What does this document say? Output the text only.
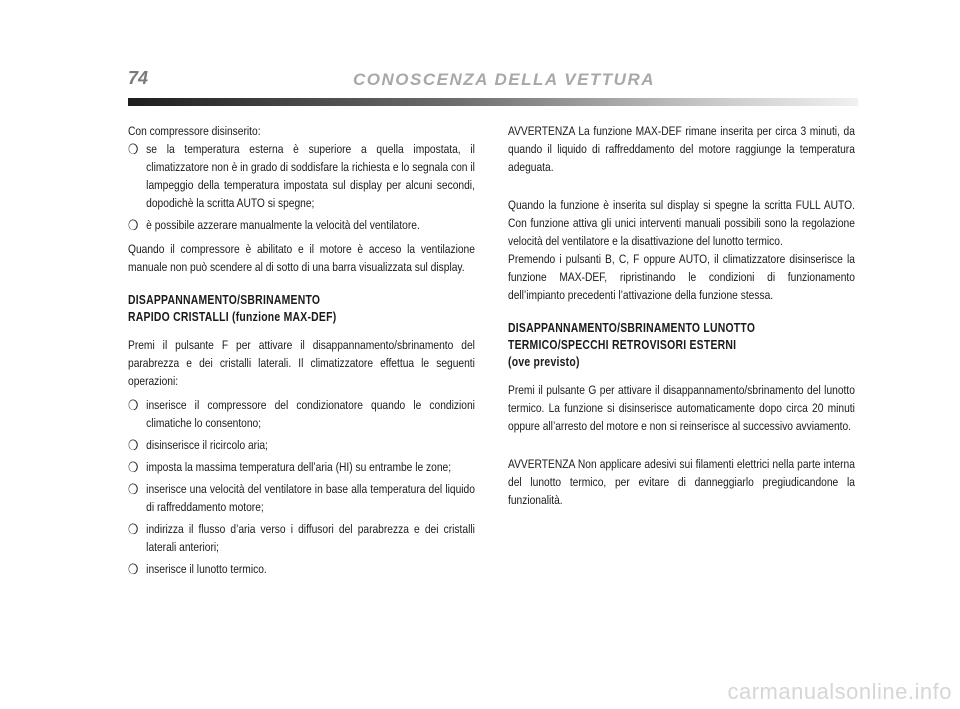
74	CONOSCENZA DELLA VETTURA

Con compressore disinserito:

❍ se la temperatura esterna è superiore a quella impostata, il climatizzatore non è in grado di soddisfare la richiesta e lo segnala con il lampeggio della temperatura impostata sul display per alcuni secondi, dopodichè la scritta AUTO si spegne;
❍ è possibile azzerare manualmente la velocità del ventilatore.

Quando il compressore è abilitato e il motore è acceso la ventilazione manuale non può scendere al di sotto di una barra visualizzata sul display.

DISAPPANNAMENTO/SBRINAMENTO
RAPIDO CRISTALLI (funzione MAX-DEF)

Premi il pulsante F per attivare il disappannamento/sbrinamento del parabrezza e dei cristalli laterali. Il climatizzatore effettua le seguenti operazioni:

❍ inserisce il compressore del condizionatore quando le condizioni climatiche lo consentono;
❍ disinserisce il ricircolo aria;
❍ imposta la massima temperatura dell’aria (HI) su entrambe le zone;
❍ inserisce una velocità del ventilatore in base alla temperatura del liquido di raffreddamento motore;
❍ indirizza il flusso d’aria verso i diffusori del parabrezza e dei cristalli laterali anteriori;
❍ inserisce il lunotto termico.

AVVERTENZA La funzione MAX-DEF rimane inserita per circa 3 minuti, da quando il liquido di raffreddamento del motore raggiunge la temperatura adeguata.

Quando la funzione è inserita sul display si spegne la scritta FULL AUTO. Con funzione attiva gli unici interventi manuali possibili sono la regolazione velocità del ventilatore e la disattivazione del lunotto termico.

Premendo i pulsanti B, C, F oppure AUTO, il climatizzatore disinserisce la funzione MAX-DEF, ripristinando le condizioni di funzionamento dell’impianto precedenti l’attivazione della funzione stessa.

DISAPPANNAMENTO/SBRINAMENTO LUNOTTO
TERMICO/SPECCHI RETROVISORI ESTERNI
(ove previsto)

Premi il pulsante G per attivare il disappannamento/sbrinamento del lunotto termico. La funzione si disinserisce automaticamente dopo circa 20 minuti oppure all’arresto del motore e non si reinserisce al successivo avviamento.

AVVERTENZA Non applicare adesivi sui filamenti elettrici nella parte interna del lunotto termico, per evitare di danneggiarlo pregiudicandone la funzionalità.

carmanualsonline.info
